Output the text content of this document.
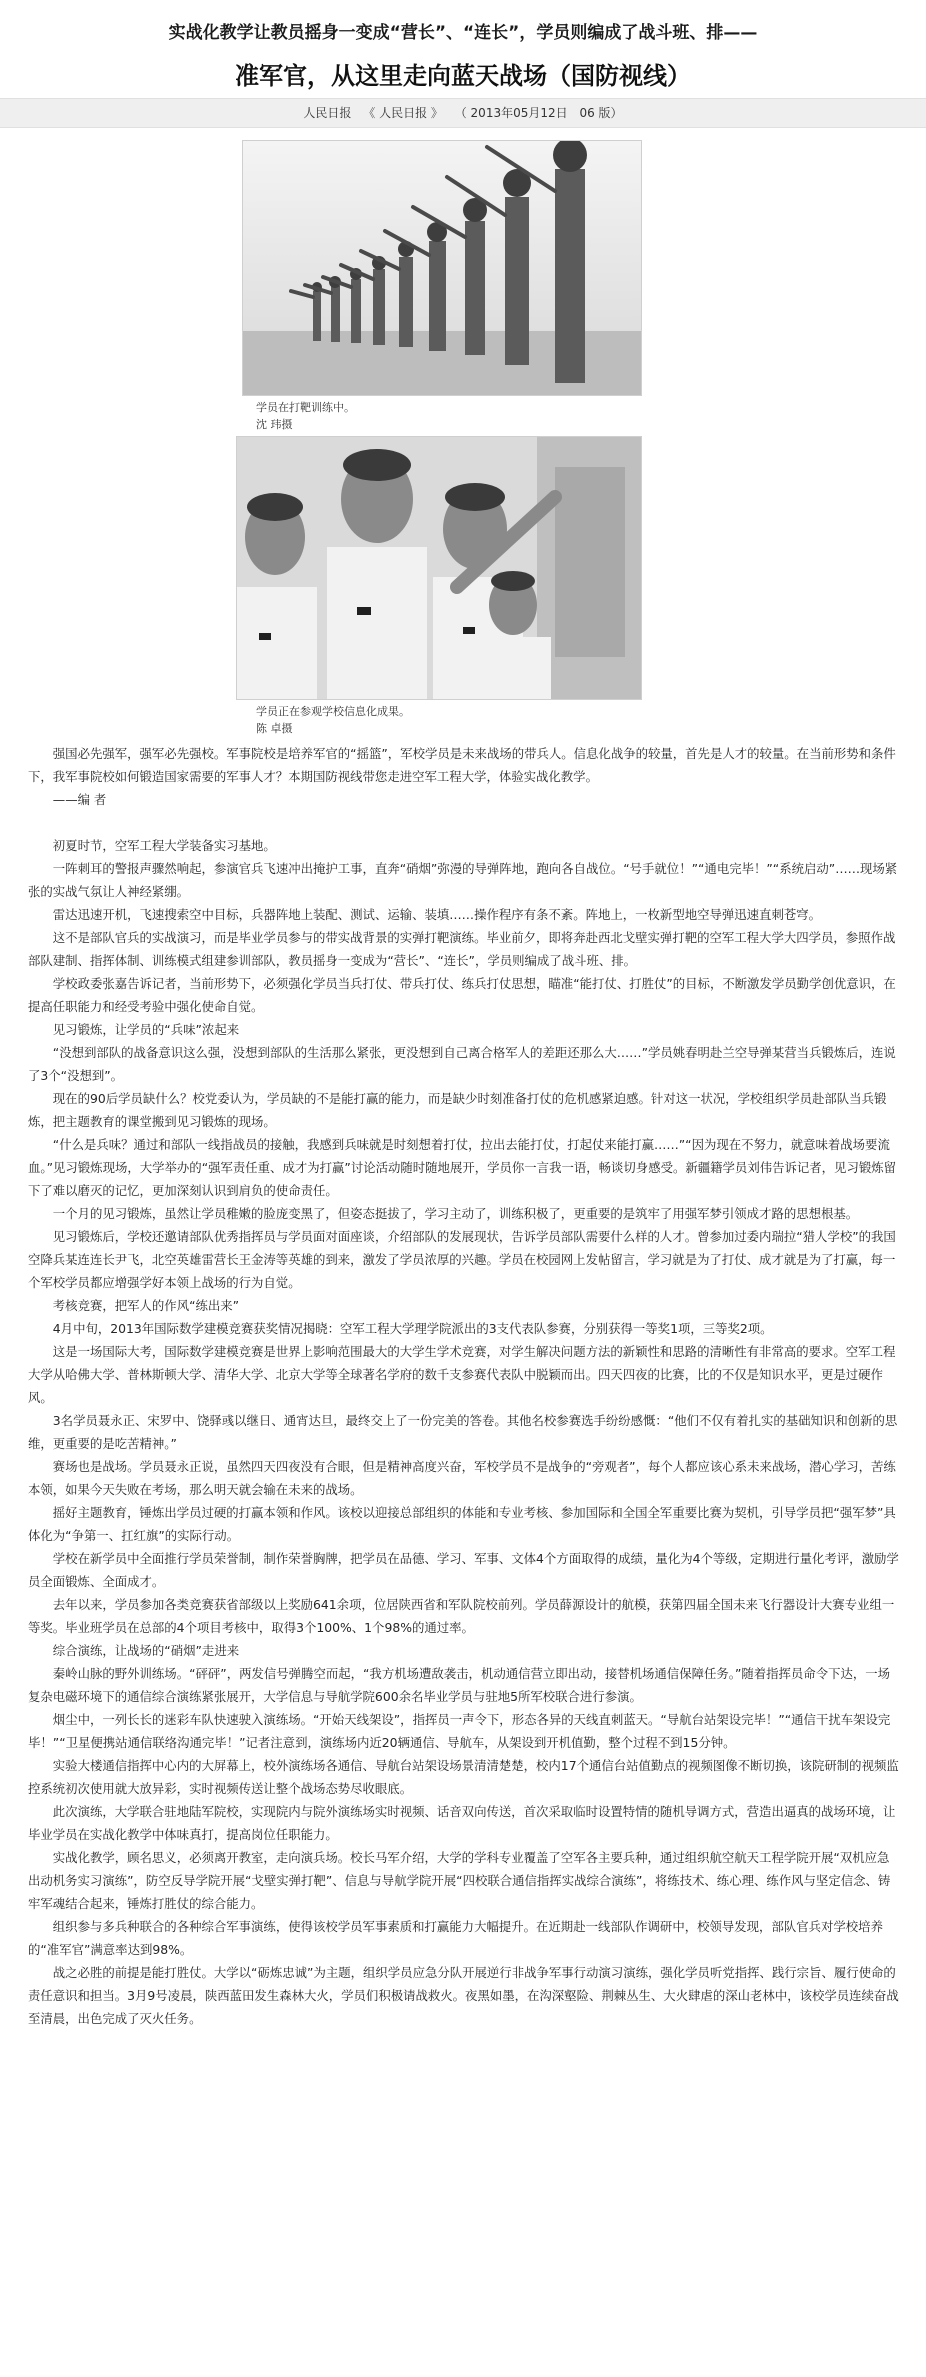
实战化教学让教员摇身一变成“营长”、“连长”，学员则编成了战斗班、排——
准军官，从这里走向蓝天战场（国防视线）
人民日报 《 人民日报 》 （ 2013年05月12日 06 版）
学员在打靶训练中。
沈 玮摄
学员正在参观学校信息化成果。
陈 卓摄

强国必先强军，强军必先强校。军事院校是培养军官的“摇篮”，军校学员是未来战场的带兵人。信息化战争的较量，首先是人才的较量。在当前形势和条件下，我军事院校如何锻造国家需要的军事人才？本期国防视线带您走进空军工程大学，体验实战化教学。

——编 者

初夏时节，空军工程大学装备实习基地。

一阵刺耳的警报声骤然响起，参演官兵飞速冲出掩护工事，直奔“硝烟”弥漫的导弹阵地，跑向各自战位。“号手就位！”“通电完毕！”“系统启动”……现场紧张的实战气氛让人神经紧绷。

雷达迅速开机，飞速搜索空中目标，兵器阵地上装配、测试、运输、装填……操作程序有条不紊。阵地上，一枚新型地空导弹迅速直刺苍穹。

这不是部队官兵的实战演习，而是毕业学员参与的带实战背景的实弹打靶演练。毕业前夕，即将奔赴西北戈壁实弹打靶的空军工程大学大四学员，参照作战部队建制、指挥体制、训练模式组建参训部队，教员摇身一变成为“营长”、“连长”，学员则编成了战斗班、排。

学校政委张嘉告诉记者，当前形势下，必须强化学员当兵打仗、带兵打仗、练兵打仗思想，瞄准“能打仗、打胜仗”的目标，不断激发学员勤学创优意识，在提高任职能力和经受考验中强化使命自觉。

见习锻炼，让学员的“兵味”浓起来

“没想到部队的战备意识这么强，没想到部队的生活那么紧张，更没想到自己离合格军人的差距还那么大……”学员姚春明赴兰空导弹某营当兵锻炼后，连说了3个“没想到”。

现在的90后学员缺什么？校党委认为，学员缺的不是能打赢的能力，而是缺少时刻准备打仗的危机感紧迫感。针对这一状况，学校组织学员赴部队当兵锻炼，把主题教育的课堂搬到见习锻炼的现场。

“什么是兵味？通过和部队一线指战员的接触，我感到兵味就是时刻想着打仗，拉出去能打仗，打起仗来能打赢……”“因为现在不努力，就意味着战场要流血。”见习锻炼现场，大学举办的“强军责任重、成才为打赢”讨论活动随时随地展开，学员你一言我一语，畅谈切身感受。新疆籍学员刘伟告诉记者，见习锻炼留下了难以磨灭的记忆，更加深刻认识到肩负的使命责任。

一个月的见习锻炼，虽然让学员稚嫩的脸庞变黑了，但姿态挺拔了，学习主动了，训练积极了，更重要的是筑牢了用强军梦引领成才路的思想根基。

见习锻炼后，学校还邀请部队优秀指挥员与学员面对面座谈，介绍部队的发展现状，告诉学员部队需要什么样的人才。曾参加过委内瑞拉“猎人学校”的我国空降兵某连连长尹飞，北空英雄雷营长王金涛等英雄的到来，激发了学员浓厚的兴趣。学员在校园网上发帖留言，学习就是为了打仗、成才就是为了打赢，每一个军校学员都应增强学好本领上战场的行为自觉。

考核竞赛，把军人的作风“练出来”

4月中旬，2013年国际数学建模竞赛获奖情况揭晓：空军工程大学理学院派出的3支代表队参赛，分别获得一等奖1项，三等奖2项。

这是一场国际大考，国际数学建模竞赛是世界上影响范围最大的大学生学术竞赛，对学生解决问题方法的新颖性和思路的清晰性有非常高的要求。空军工程大学从哈佛大学、普林斯顿大学、清华大学、北京大学等全球著名学府的数千支参赛代表队中脱颖而出。四天四夜的比赛，比的不仅是知识水平，更是过硬作风。

3名学员聂永正、宋罗中、饶驿彧以继日、通宵达旦，最终交上了一份完美的答卷。其他名校参赛选手纷纷感慨：“他们不仅有着扎实的基础知识和创新的思维，更重要的是吃苦精神。”

赛场也是战场。学员聂永正说，虽然四天四夜没有合眼，但是精神高度兴奋，军校学员不是战争的“旁观者”，每个人都应该心系未来战场，潜心学习，苦练本领，如果今天失败在考场，那么明天就会输在未来的战场。

摇好主题教育，锤炼出学员过硬的打赢本领和作风。该校以迎接总部组织的体能和专业考核、参加国际和全国全军重要比赛为契机，引导学员把“强军梦”具体化为“争第一、扛红旗”的实际行动。

学校在新学员中全面推行学员荣誉制，制作荣誉胸牌，把学员在品德、学习、军事、文体4个方面取得的成绩，量化为4个等级，定期进行量化考评，激励学员全面锻炼、全面成才。

去年以来，学员参加各类竞赛获省部级以上奖励641余项，位居陕西省和军队院校前列。学员薛源设计的航模，获第四届全国未来飞行器设计大赛专业组一等奖。毕业班学员在总部的4个项目考核中，取得3个100%、1个98%的通过率。

综合演练，让战场的“硝烟”走进来

秦岭山脉的野外训练场。“砰砰”，两发信号弹腾空而起，“我方机场遭敌袭击，机动通信营立即出动，接替机场通信保障任务。”随着指挥员命令下达，一场复杂电磁环境下的通信综合演练紧张展开，大学信息与导航学院600余名毕业学员与驻地5所军校联合进行参演。

烟尘中，一列长长的迷彩车队快速驶入演练场。“开始天线架设”，指挥员一声令下，形态各异的天线直刺蓝天。“导航台站架设完毕！”“通信干扰车架设完毕！”“卫星便携站通信联络沟通完毕！”记者注意到，演练场内近20辆通信、导航车，从架设到开机值勤，整个过程不到15分钟。

实验大楼通信指挥中心内的大屏幕上，校外演练场各通信、导航台站架设场景清清楚楚，校内17个通信台站值勤点的视频图像不断切换，该院研制的视频监控系统初次使用就大放异彩，实时视频传送让整个战场态势尽收眼底。

此次演练，大学联合驻地陆军院校，实现院内与院外演练场实时视频、话音双向传送，首次采取临时设置特情的随机导调方式，营造出逼真的战场环境，让毕业学员在实战化教学中体味真打，提高岗位任职能力。

实战化教学，顾名思义，必须离开教室，走向演兵场。校长马军介绍，大学的学科专业覆盖了空军各主要兵种，通过组织航空航天工程学院开展“双机应急出动机务实习演练”，防空反导学院开展“戈壁实弹打靶”、信息与导航学院开展“四校联合通信指挥实战综合演练”，将练技术、练心理、练作风与坚定信念、铸牢军魂结合起来，锤炼打胜仗的综合能力。

组织参与多兵种联合的各种综合军事演练，使得该校学员军事素质和打赢能力大幅提升。在近期赴一线部队作调研中，校领导发现，部队官兵对学校培养的“准军官”满意率达到98%。

战之必胜的前提是能打胜仗。大学以“砺炼忠诚”为主题，组织学员应急分队开展逆行非战争军事行动演习演练，强化学员听党指挥、践行宗旨、履行使命的责任意识和担当。3月9号凌晨，陕西蓝田发生森林大火，学员们积极请战救火。夜黑如墨，在沟深壑险、荆棘丛生、大火肆虐的深山老林中，该校学员连续奋战至清晨，出色完成了灭火任务。
